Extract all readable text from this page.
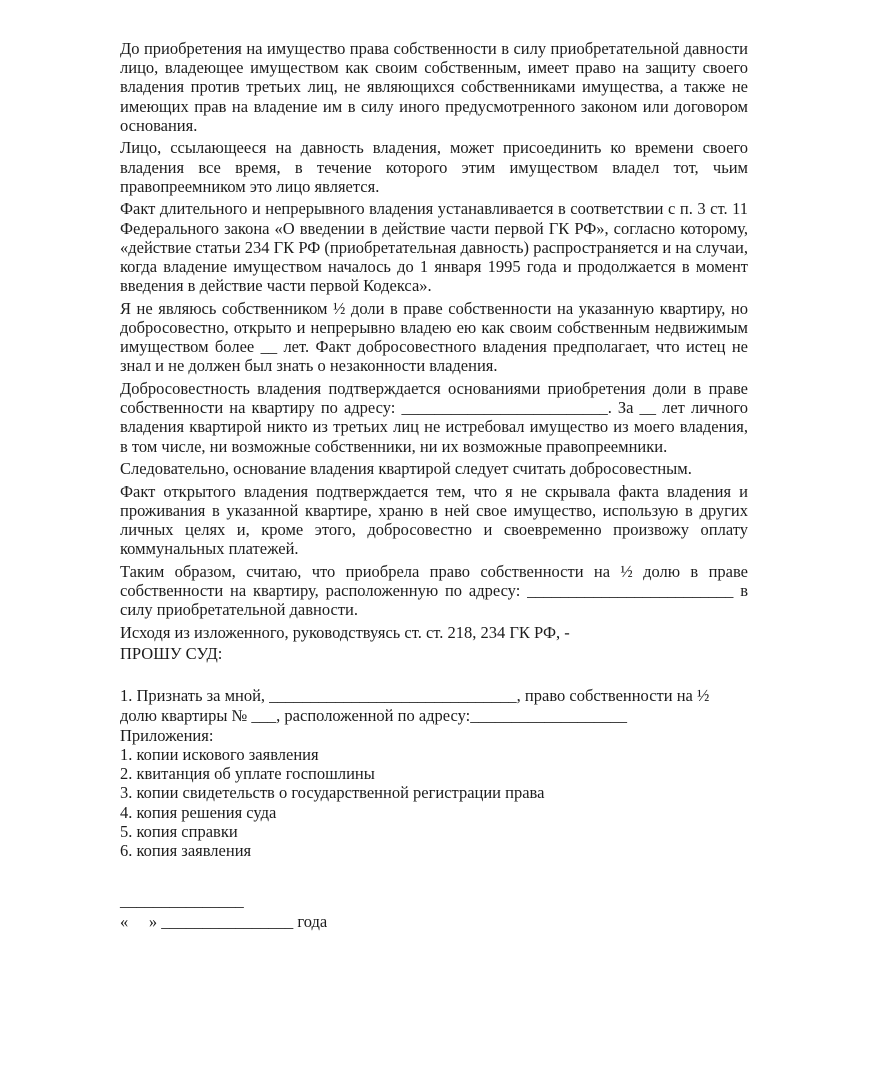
До приобретения на имущество права собственности в силу приобретательной давности лицо, владеющее имуществом как своим собственным, имеет право на защиту своего владения против третьих лиц, не являющихся собственниками имущества, а также не имеющих прав на владение им в силу иного предусмотренного законом или договором основания.

Лицо, ссылающееся на давность владения, может присоединить ко времени своего владения все время, в течение которого этим имуществом владел тот, чьим правопреемником это лицо является.

Факт длительного и непрерывного владения устанавливается в соответствии с п. 3 ст. 11 Федерального закона «О введении в действие части первой ГК РФ», согласно которому, «действие статьи 234 ГК РФ (приобретательная давность) распространяется и на случаи, когда владение имуществом началось до 1 января 1995 года и продолжается в момент введения в действие части первой Кодекса».

Я не являюсь собственником ½ доли в праве собственности на указанную квартиру, но добросовестно, открыто и непрерывно владею ею как своим собственным недвижимым имуществом более __ лет. Факт добросовестного владения предполагает, что истец не знал и не должен был знать о незаконности владения.

Добросовестность владения подтверждается основаниями приобретения доли в праве собственности на квартиру по адресу: _________________________. За __ лет личного владения квартирой никто из третьих лиц не истребовал имущество из моего владения, в том числе, ни возможные собственники, ни их возможные правопреемники.

Следовательно, основание владения квартирой следует считать добросовестным.

Факт открытого владения подтверждается тем, что я не скрывала факта владения и проживания в указанной квартире, храню в ней свое имущество, использую в других личных целях и, кроме этого, добросовестно и своевременно произвожу оплату коммунальных платежей.

Таким образом, считаю, что приобрела право собственности на ½ долю в праве собственности на квартиру, расположенную по адресу: _________________________ в силу приобретательной давности.

Исходя из изложенного, руководствуясь ст. ст. 218, 234 ГК РФ, -

ПРОШУ СУД:

1. Признать за мной, ______________________________, право собственности на ½ долю квартиры № ___, расположенной по адресу:___________________

Приложения:
1. копии искового заявления
2. квитанция об уплате госпошлины
3. копии свидетельств о государственной регистрации права
4. копия решения суда
5. копия справки
6. копия заявления
_______________
«     » ________________ года
